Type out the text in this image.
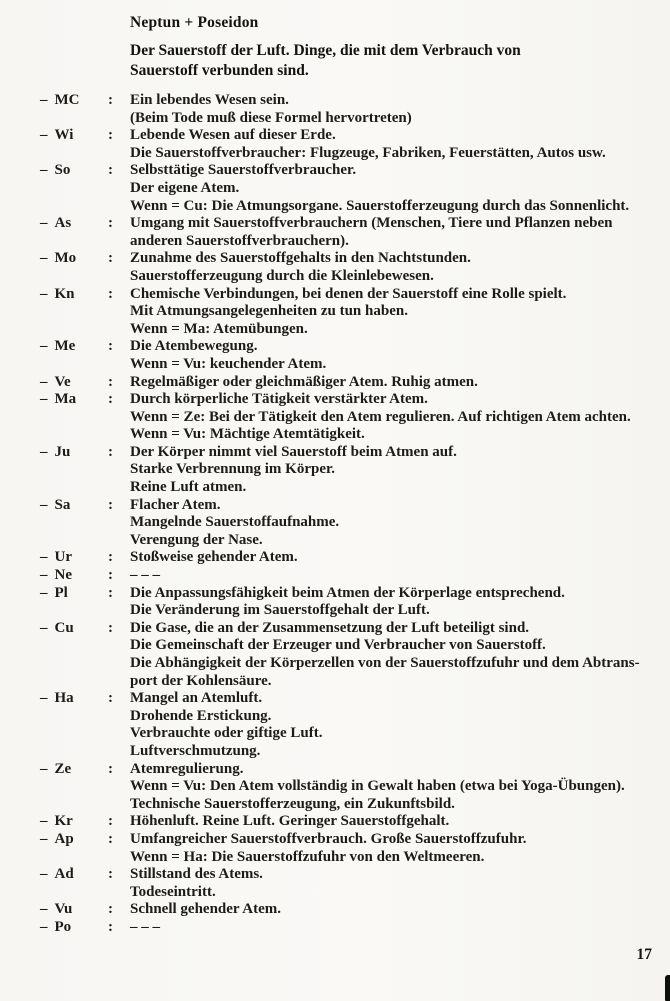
Neptun + Poseidon
Der Sauerstoff der Luft. Dinge, die mit dem Verbrauch von Sauerstoff verbunden sind.
– MC :	Ein lebendes Wesen sein.
(Beim Tode muß diese Formel hervortreten)
– Wi :	Lebende Wesen auf dieser Erde.
Die Sauerstoffverbraucher: Flugzeuge, Fabriken, Feuerstätten, Autos usw.
– So	:	Selbsttätige Sauerstoffverbraucher.
Der eigene Atem.
Wenn = Cu: Die Atmungsorgane. Sauerstofferzeugung durch das Sonnenlicht.
– As :	Umgang mit Sauerstoffverbrauchern (Menschen, Tiere und Pflanzen neben
anderen Sauerstoffverbrauchern).
– Mo :	Zunahme des Sauerstoffgehalts in den Nachtstunden.
Sauerstofferzeugung durch die Kleinlebewesen.
– Kn :	Chemische Verbindungen, bei denen der Sauerstoff eine Rolle spielt.
Mit Atmungsangelegenheiten zu tun haben.
Wenn = Ma: Atemübungen.
– Me :	Die Atembewegung.
Wenn = Vu: keuchender Atem.
– Ve :	Regelmäßiger oder gleichmäßiger Atem. Ruhig atmen.
– Ma :	Durch körperliche Tätigkeit verstärkter Atem.
Wenn = Ze: Bei der Tätigkeit den Atem regulieren. Auf richtigen Atem achten.
Wenn = Vu: Mächtige Atemtätigkeit.
– Ju	:	Der Körper nimmt viel Sauerstoff beim Atmen auf.
Starke Verbrennung im Körper.
Reine Luft atmen.
– Sa	:	Flacher Atem.
Mangelnde Sauerstoffaufnahme.
Verengung der Nase.
– Ur :	Stoßweise gehender Atem.
– Ne :	– – –
– Pl	:	Die Anpassungsfähigkeit beim Atmen der Körperlage entsprechend.
Die Veränderung im Sauerstoffgehalt der Luft.
– Cu :	Die Gase, die an der Zusammensetzung der Luft beteiligt sind.
Die Gemeinschaft der Erzeuger und Verbraucher von Sauerstoff.
Die Abhängigkeit der Körperzellen von der Sauerstoffzufuhr und dem Abtrans-
port der Kohlensäure.
– Ha :	Mangel an Atemluft.
Drohende Erstickung.
Verbrauchte oder giftige Luft.
Luftverschmutzung.
– Ze :	Atemregulierung.
Wenn = Vu: Den Atem vollständig in Gewalt haben (etwa bei Yoga-Übungen).
Technische Sauerstofferzeugung, ein Zukunftsbild.
– Kr :	Höhenluft. Reine Luft. Geringer Sauerstoffgehalt.
– Ap :	Umfangreicher Sauerstoffverbrauch. Große Sauerstoffzufuhr.
Wenn = Ha: Die Sauerstoffzufuhr von den Weltmeeren.
– Ad :	Stillstand des Atems.
Todeseintritt.
– Vu :	Schnell gehender Atem.
– Po :	– – –
17
